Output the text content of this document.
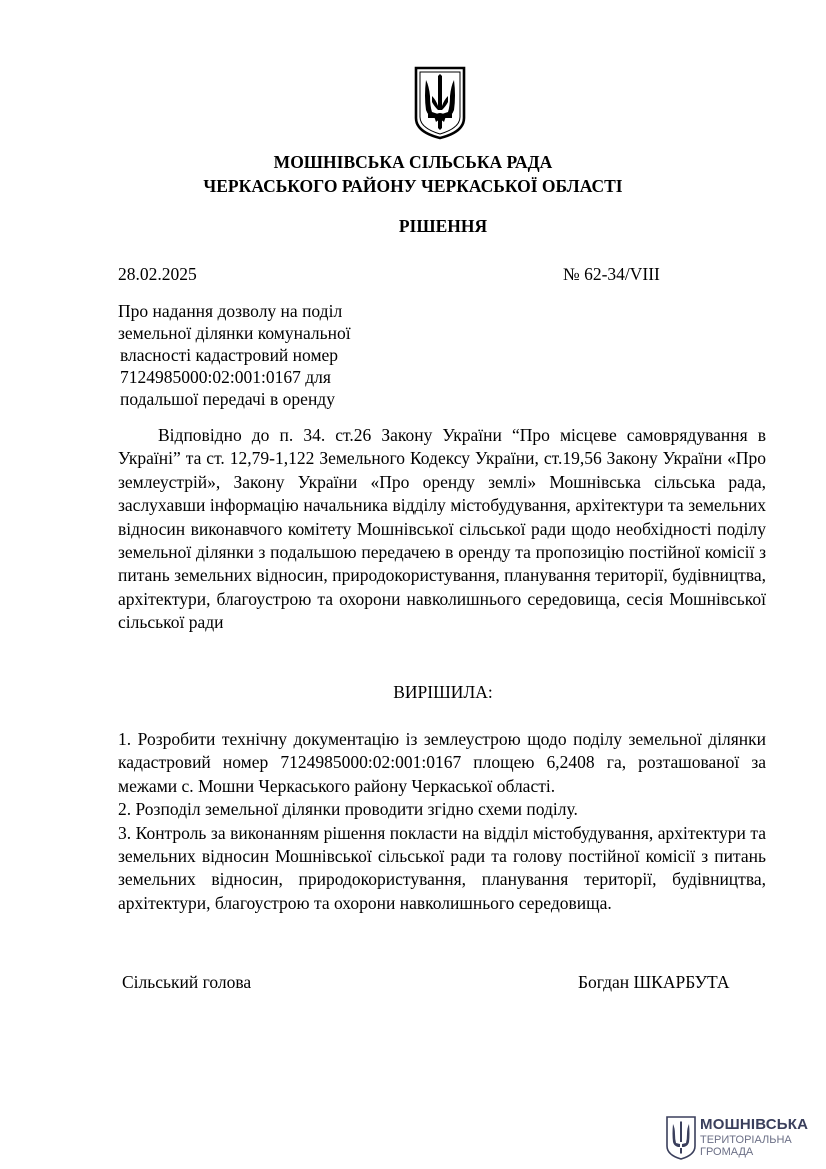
МОШНІВСЬКА СІЛЬСЬКА РАДА
ЧЕРКАСЬКОГО РАЙОНУ ЧЕРКАСЬКОЇ ОБЛАСТІ
РІШЕННЯ
28.02.2025	№ 62-34/VIII
Про надання дозволу на поділ
земельної ділянки комунальної
власності кадастровий номер
7124985000:02:001:0167 для
подальшої передачі в оренду
Відповідно до п. 34. ст.26 Закону України “Про місцеве самоврядування в Україні” та ст. 12,79-1,122 Земельного Кодексу України, ст.19,56 Закону України «Про землеустрій», Закону України «Про оренду землі» Мошнівська сільська рада, заслухавши інформацію начальника відділу містобудування, архітектури та земельних відносин виконавчого комітету Мошнівської сільської ради щодо необхідності поділу земельної ділянки з подальшою передачею в оренду та пропозицію постійної комісії з питань земельних відносин, природокористування, планування території, будівництва, архітектури, благоустрою та охорони навколишнього середовища, сесія Мошнівської сільської ради
ВИРІШИЛА:

1. Розробити технічну документацію із землеустрою щодо поділу земельної ділянки кадастровий номер 7124985000:02:001:0167 площею 6,2408 га, розташованої за межами с. Мошни Черкаського району Черкаської області.

2. Розподіл земельної ділянки проводити згідно схеми поділу.

3. Контроль за виконанням рішення покласти на відділ містобудування, архітектури та земельних відносин Мошнівської сільської ради та голову постійної комісії з питань земельних відносин, природокористування, планування території, будівництва, архітектури, благоустрою та охорони навколишнього середовища.

Сільський голова	Богдан ШКАРБУТА
МОШНІВСЬКА
ТЕРИТОРІАЛЬНА
ГРОМАДА
